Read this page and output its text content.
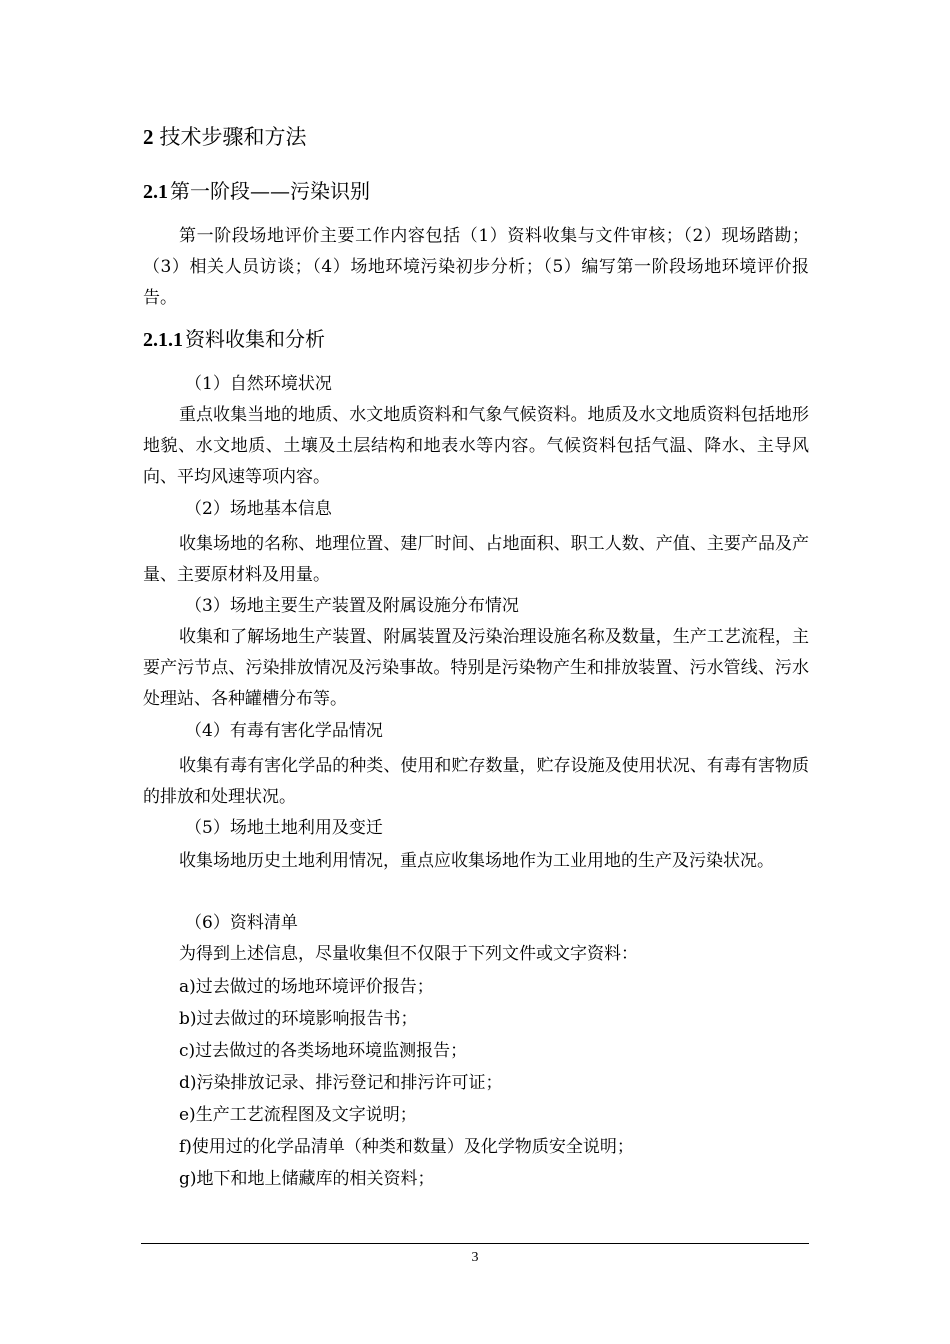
2 技术步骤和方法
2.1 第一阶段——污染识别

第一阶段场地评价主要工作内容包括（1）资料收集与文件审核；（2）现场踏勘；（3）相关人员访谈；（4）场地环境污染初步分析；（5）编写第一阶段场地环境评价报告。

2.1.1 资料收集和分析
（1）自然环境状况

重点收集当地的地质、水文地质资料和气象气候资料。地质及水文地质资料包括地形地貌、水文地质、土壤及土层结构和地表水等内容。气候资料包括气温、降水、主导风向、平均风速等项内容。

（2）场地基本信息

收集场地的名称、地理位置、建厂时间、占地面积、职工人数、产值、主要产品及产量、主要原材料及用量。

（3）场地主要生产装置及附属设施分布情况

收集和了解场地生产装置、附属装置及污染治理设施名称及数量，生产工艺流程，主要产污节点、污染排放情况及污染事故。特别是污染物产生和排放装置、污水管线、污水处理站、各种罐槽分布等。

（4）有毒有害化学品情况

收集有毒有害化学品的种类、使用和贮存数量，贮存设施及使用状况、有毒有害物质的排放和处理状况。

（5）场地土地利用及变迁

收集场地历史土地利用情况，重点应收集场地作为工业用地的生产及污染状况。

（6）资料清单
为得到上述信息，尽量收集但不仅限于下列文件或文字资料：
a)过去做过的场地环境评价报告；
b)过去做过的环境影响报告书；
c)过去做过的各类场地环境监测报告；
d)污染排放记录、排污登记和排污许可证；
e)生产工艺流程图及文字说明；
f)使用过的化学品清单（种类和数量）及化学物质安全说明；
g)地下和地上储藏库的相关资料；
3
